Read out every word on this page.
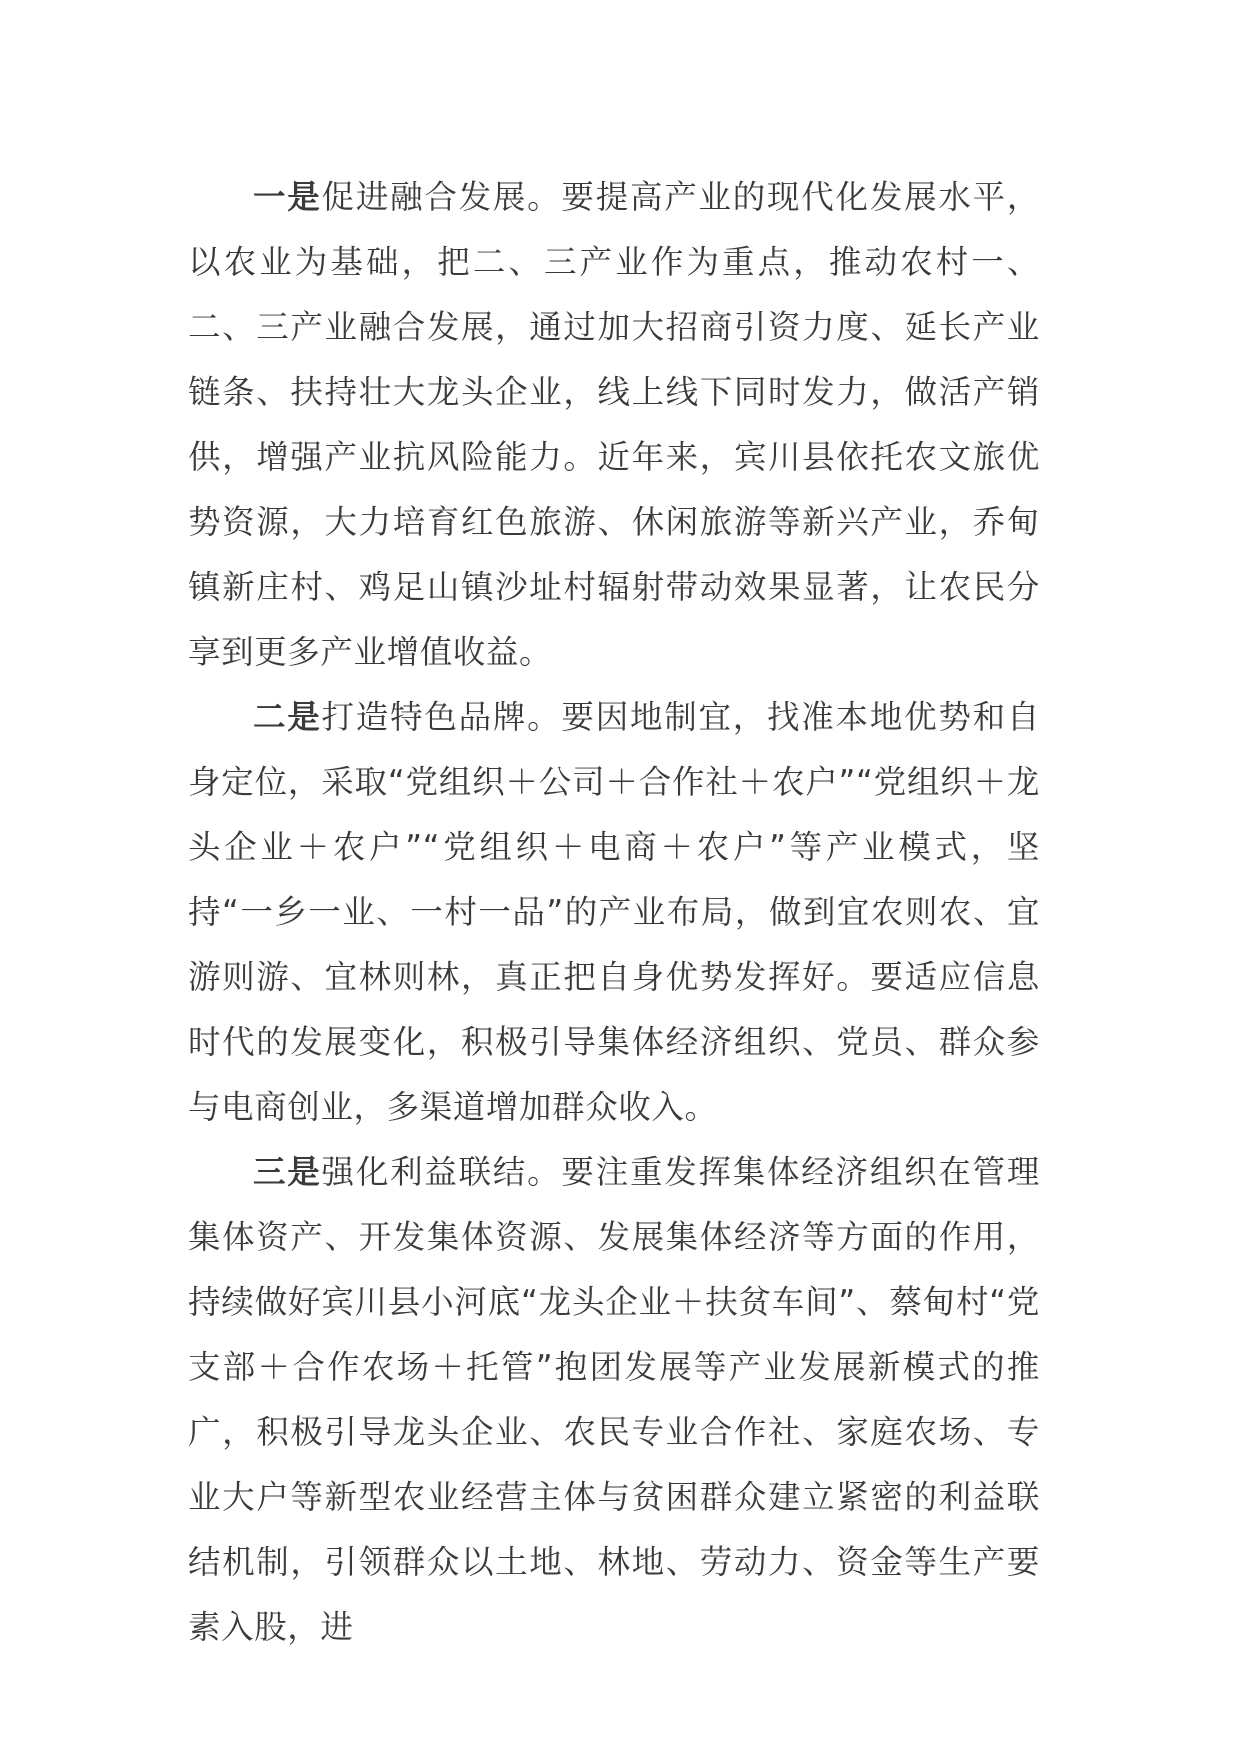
一是促进融合发展。要提高产业的现代化发展水平，以农业为基础，把二、三产业作为重点，推动农村一、二、三产业融合发展，通过加大招商引资力度、延长产业链条、扶持壮大龙头企业，线上线下同时发力，做活产销供，增强产业抗风险能力。近年来，宾川县依托农文旅优势资源，大力培育红色旅游、休闲旅游等新兴产业，乔甸镇新庄村、鸡足山镇沙址村辐射带动效果显著，让农民分享到更多产业增值收益。

二是打造特色品牌。要因地制宜，找准本地优势和自身定位，采取“党组织＋公司＋合作社＋农户”“党组织＋龙头企业＋农户”“党组织＋电商＋农户”等产业模式，坚持“一乡一业、一村一品”的产业布局，做到宜农则农、宜游则游、宜林则林，真正把自身优势发挥好。要适应信息时代的发展变化，积极引导集体经济组织、党员、群众参与电商创业，多渠道增加群众收入。

三是强化利益联结。要注重发挥集体经济组织在管理集体资产、开发集体资源、发展集体经济等方面的作用，持续做好宾川县小河底“龙头企业＋扶贫车间”、蔡甸村“党支部＋合作农场＋托管”抱团发展等产业发展新模式的推广，积极引导龙头企业、农民专业合作社、家庭农场、专业大户等新型农业经营主体与贫困群众建立紧密的利益联结机制，引领群众以土地、林地、劳动力、资金等生产要素入股，进
